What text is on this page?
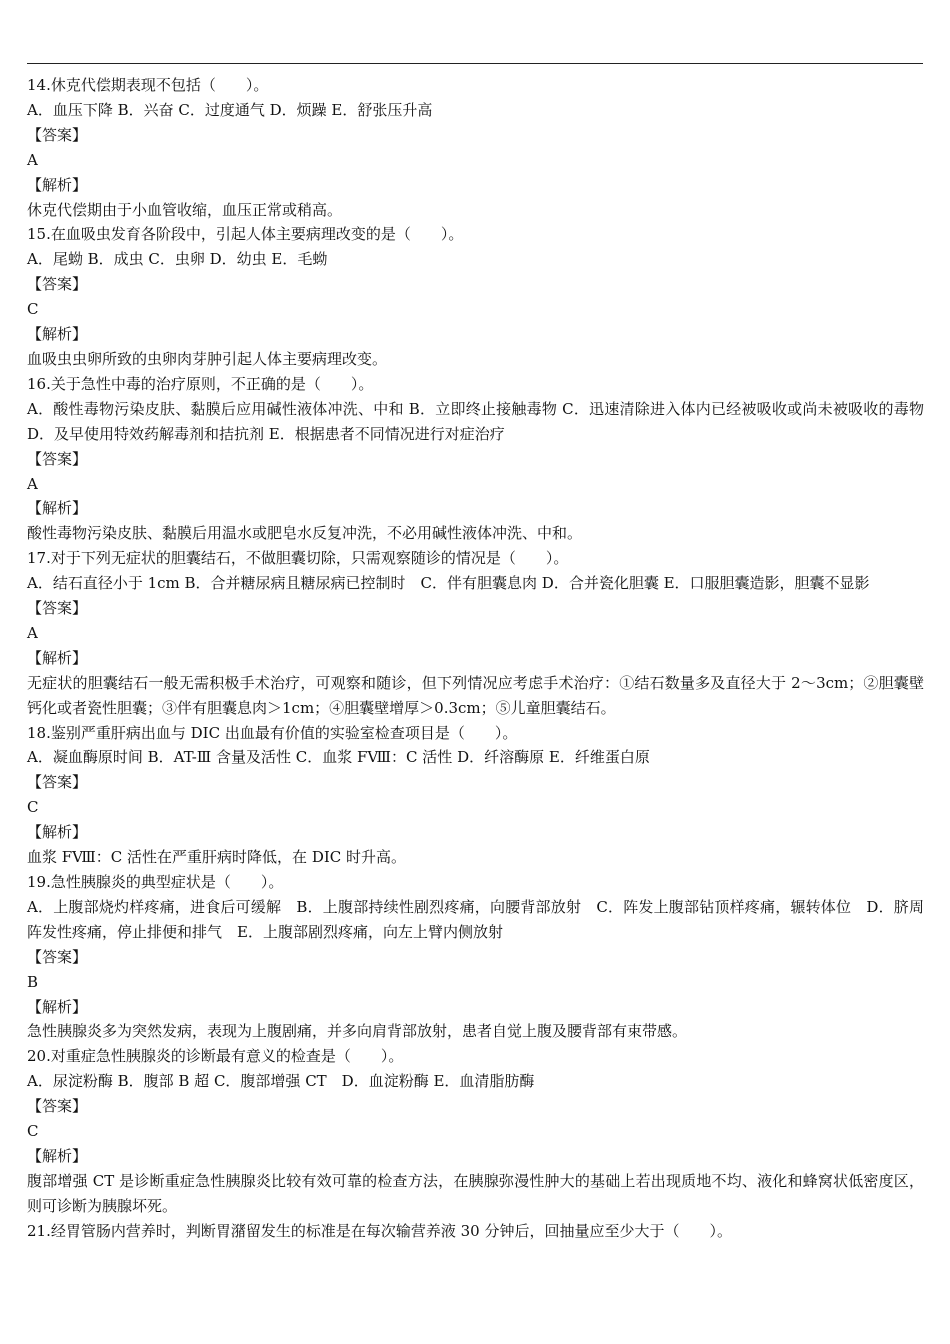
14.休克代偿期表现不包括（　　）。

A．血压下降 B．兴奋 C．过度通气 D．烦躁 E．舒张压升高

【答案】

A

【解析】

休克代偿期由于小血管收缩，血压正常或稍高。

15.在血吸虫发育各阶段中，引起人体主要病理改变的是（　　）。

A．尾蚴 B．成虫 C．虫卵 D．幼虫 E．毛蚴

【答案】

C

【解析】

血吸虫虫卵所致的虫卵肉芽肿引起人体主要病理改变。

16.关于急性中毒的治疗原则，不正确的是（　　）。

A．酸性毒物污染皮肤、黏膜后应用碱性液体冲洗、中和 B．立即终止接触毒物 C．迅速清除进入体内已经被吸收或尚未被吸收的毒物　D．及早使用特效药解毒剂和拮抗剂 E．根据患者不同情况进行对症治疗

【答案】

A

【解析】

酸性毒物污染皮肤、黏膜后用温水或肥皂水反复冲洗，不必用碱性液体冲洗、中和。

17.对于下列无症状的胆囊结石，不做胆囊切除，只需观察随诊的情况是（　　）。

A．结石直径小于 1cm B．合并糖尿病且糖尿病已控制时　C．伴有胆囊息肉 D．合并瓷化胆囊 E．口服胆囊造影，胆囊不显影

【答案】

A

【解析】

无症状的胆囊结石一般无需积极手术治疗，可观察和随诊，但下列情况应考虑手术治疗：①结石数量多及直径大于 2～3cm；②胆囊壁钙化或者瓷性胆囊；③伴有胆囊息肉＞1cm；④胆囊壁增厚＞0.3cm；⑤儿童胆囊结石。

18.鉴别严重肝病出血与 DIC 出血最有价值的实验室检查项目是（　　）。

A．凝血酶原时间 B．AT-Ⅲ 含量及活性 C．血浆 FⅧ：C 活性 D．纤溶酶原 E．纤维蛋白原

【答案】

C

【解析】

血浆 FⅧ：C 活性在严重肝病时降低，在 DIC 时升高。

19.急性胰腺炎的典型症状是（　　）。

A．上腹部烧灼样疼痛，进食后可缓解　B．上腹部持续性剧烈疼痛，向腰背部放射　C．阵发上腹部钻顶样疼痛，辗转体位　D．脐周阵发性疼痛，停止排便和排气　E．上腹部剧烈疼痛，向左上臂内侧放射

【答案】

B

【解析】

急性胰腺炎多为突然发病，表现为上腹剧痛，并多向肩背部放射，患者自觉上腹及腰背部有束带感。

20.对重症急性胰腺炎的诊断最有意义的检查是（　　）。

A．尿淀粉酶 B．腹部 B 超 C．腹部增强 CT　D．血淀粉酶 E．血清脂肪酶

【答案】

C

【解析】

腹部增强 CT 是诊断重症急性胰腺炎比较有效可靠的检查方法，在胰腺弥漫性肿大的基础上若出现质地不均、液化和蜂窝状低密度区，则可诊断为胰腺坏死。

21.经胃管肠内营养时，判断胃潴留发生的标准是在每次输营养液 30 分钟后，回抽量应至少大于（　　）。
